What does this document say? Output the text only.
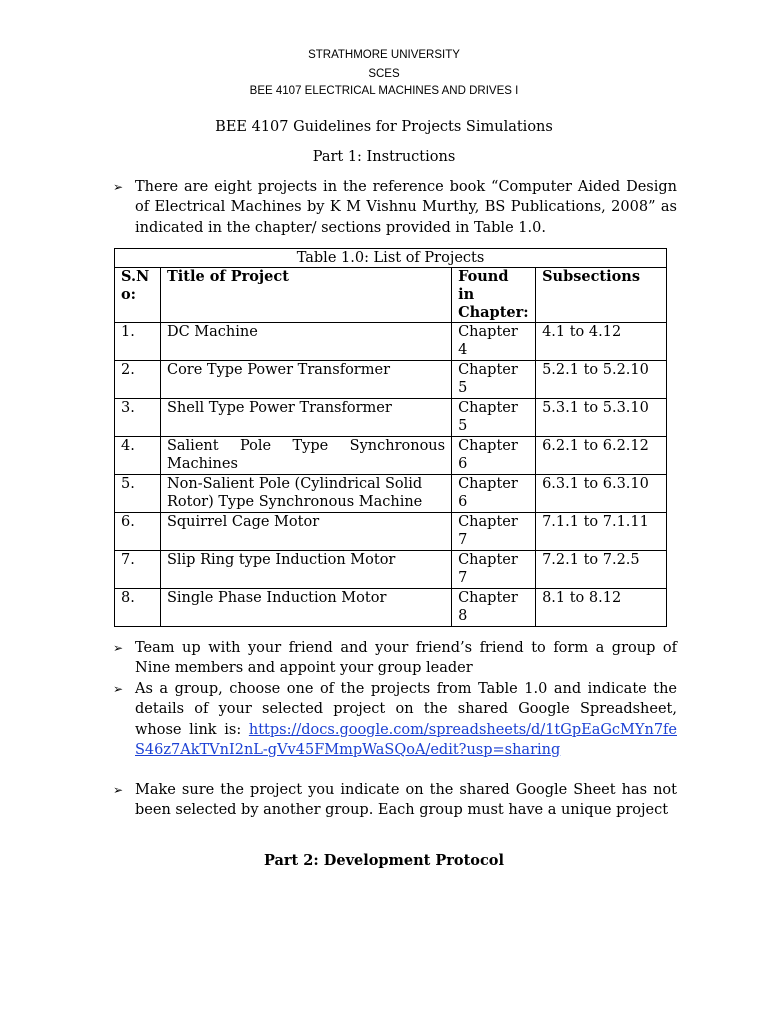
STRATHMORE UNIVERSITY
SCES
BEE 4107 ELECTRICAL MACHINES AND DRIVES I
BEE 4107 Guidelines for Projects Simulations
Part 1: Instructions
➢ There are eight projects in the reference book “Computer Aided Design of Electrical Machines by K M Vishnu Murthy, BS Publications, 2008” as indicated in the chapter/ sections provided in Table 1.0.
Table 1.0: List of Projects
S.N o:	Title of Project	Found in Chapter:	Subsections
1.	DC Machine	Chapter 4	4.1 to 4.12
2.	Core Type Power Transformer	Chapter 5	5.2.1 to 5.2.10
3.	Shell Type Power Transformer	Chapter 5	5.3.1 to 5.3.10
4.	Salient Pole Type Synchronous Machines	Chapter 6	6.2.1 to 6.2.12
5.	Non-Salient Pole (Cylindrical Solid Rotor) Type Synchronous Machine	Chapter 6	6.3.1 to 6.3.10
6.	Squirrel Cage Motor	Chapter 7	7.1.1 to 7.1.11
7.	Slip Ring type Induction Motor	Chapter 7	7.2.1 to 7.2.5
8.	Single Phase Induction Motor	Chapter 8	8.1 to 8.12
➢ Team up with your friend and your friend’s friend to form a group of Nine members and appoint your group leader
➢ As a group, choose one of the projects from Table 1.0 and indicate the details of your selected project on the shared Google Spreadsheet, whose link is: https://docs.google.com/spreadsheets/d/1tGpEaGcMYn7feS46z7AkTVnI2nL-gVv45FMmpWaSQoA/edit?usp=sharing
➢ Make sure the project you indicate on the shared Google Sheet has not been selected by another group. Each group must have a unique project
Part 2: Development Protocol
